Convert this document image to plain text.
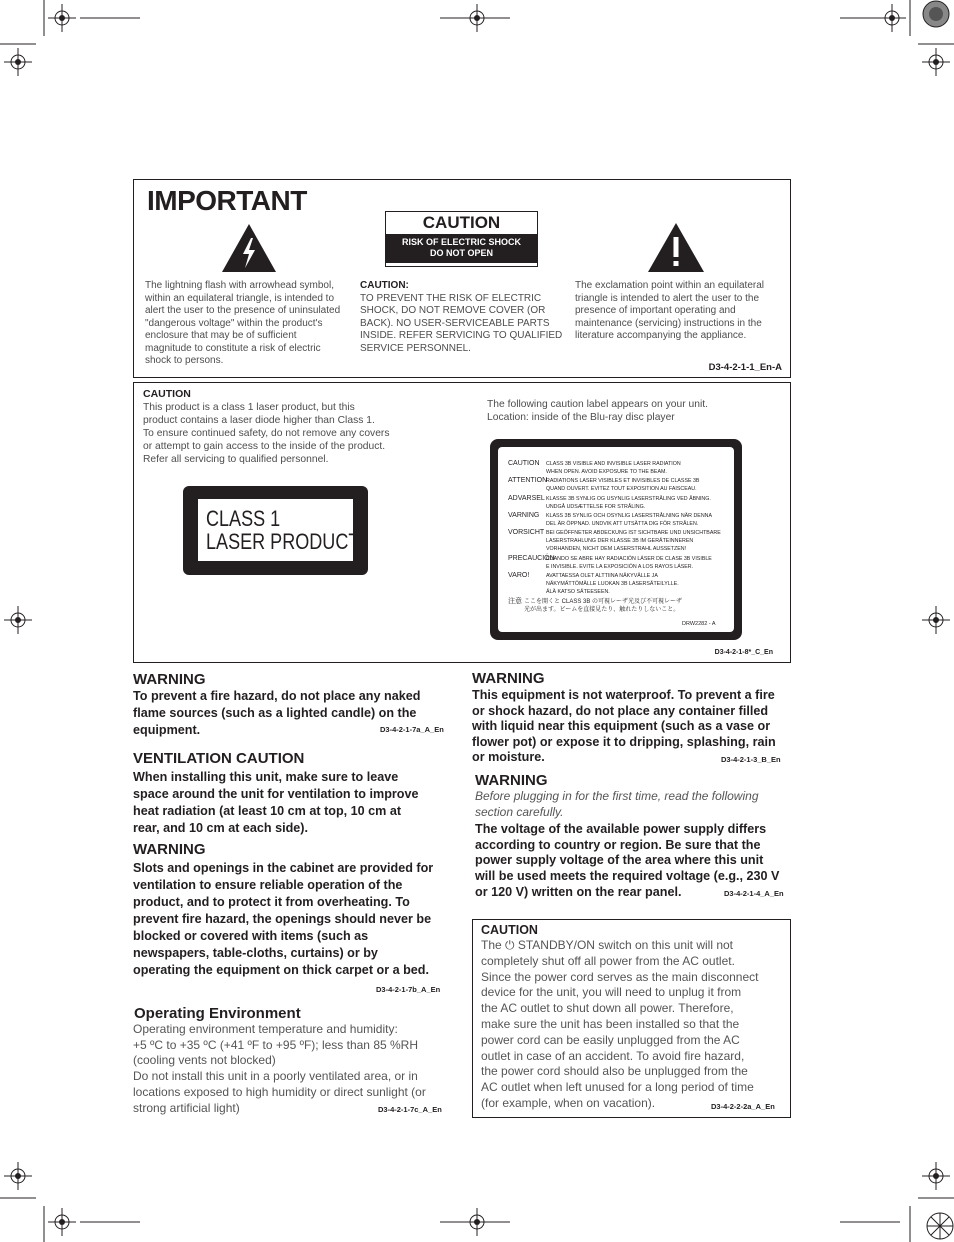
IMPORTANT
CAUTION
RISK OF ELECTRIC SHOCK
DO NOT OPEN
The lightning flash with arrowhead symbol,
within an equilateral triangle, is intended to
alert the user to the presence of uninsulated
"dangerous voltage" within the product's
enclosure that may be of sufficient
magnitude to constitute a risk of electric
shock to persons.
CAUTION:
TO PREVENT THE RISK OF ELECTRIC
SHOCK, DO NOT REMOVE COVER (OR
BACK). NO USER-SERVICEABLE PARTS
INSIDE. REFER SERVICING TO QUALIFIED
SERVICE PERSONNEL.
The exclamation point within an equilateral
triangle is intended to alert the user to the
presence of important operating and
maintenance (servicing) instructions in the
literature accompanying the appliance.
D3-4-2-1-1_En-A
CAUTION
This product is a class 1 laser product, but this
product contains a laser diode higher than Class 1.
To ensure continued safety, do not remove any covers
or attempt to gain access to the inside of the product.
Refer all servicing to qualified personnel.
The following caution label appears on your unit.
Location: inside of the Blu-ray disc player
D3-4-2-1-8*_C_En
CLASS 1
LASER PRODUCT
CAUTION CLASS 3B VISIBLE AND INVISIBLE LASER RADIATION
WHEN OPEN. AVOID EXPOSURE TO THE BEAM.
ATTENTION
RADIATIONS LASER VISIBLES ET INVISIBLES DE CLASSE 3B
QUAND OUVERT. EVITEZ TOUT EXPOSITION AU FAISCEAU.
ADVARSEL KLASSE 3B SYNLIG OG USYNLIG LASERSTRÅLING VED ÅBNING.
UNDGÅ UDSÆTTELSE FOR STRÅLING.
VARNING KLASS 3B SYNLIG OCH OSYNLIG LASERSTRÅLNING NÄR DENNA
DEL ÄR ÖPPNAD. UNDVIK ATT UTSÄTTA DIG FÖR STRÅLEN.
VORSICHT BEI GEÖFFNETER ABDECKUNG IST SICHTBARE UND UNSICHTBARE
LASERSTRAHLUNG DER KLASSE 3B IM GERÄTEINNEREN
VORHANDEN, NICHT DEM LASERSTRAHL AUSSETZEN!
PRECAUCIÓN
CUANDO SE ABRE HAY RADIACIÓN LÁSER DE CLASE 3B VISIBLE
E INVISIBLE. EVITE LA EXPOSICIÓN A LOS RAYOS LÁSER.
VARO!	AVATTAESSA OLET ALTTIINA NÄKYVÄLLE JA
NÄKYMÄTTÖMÄLLE LUOKAN 3B LASERSÄTEILYLLE.
ÄLÄ KATSO SÄTEESEEN.
注意 ここを開くと CLASS 3B の可視レーザ光及び不可視レーザ
光が出ます。ビームを直接見たり、触れたりしないこと。
DRW2282 - A
WARNING
To prevent a fire hazard, do not place any naked
flame sources (such as a lighted candle) on the
equipment.	D3-4-2-1-7a_A_En
VENTILATION CAUTION
When installing this unit, make sure to leave
space around the unit for ventilation to improve
heat radiation (at least 10 cm at top, 10 cm at
rear, and 10 cm at each side).
WARNING
Slots and openings in the cabinet are provided for
ventilation to ensure reliable operation of the
product, and to protect it from overheating. To
prevent fire hazard, the openings should never be
blocked or covered with items (such as
newspapers, table-cloths, curtains) or by
operating the equipment on thick carpet or a bed.
D3-4-2-1-7b_A_En
Operating Environment
Operating environment temperature and humidity:
+5 ºC to +35 ºC (+41 ºF to +95 ºF); less than 85 %RH
(cooling vents not blocked)
Do not install this unit in a poorly ventilated area, or in
locations exposed to high humidity or direct sunlight (or
strong artificial light)	D3-4-2-1-7c_A_En
WARNING
This equipment is not waterproof. To prevent a fire
or shock hazard, do not place any container filled
with liquid near this equipment (such as a vase or
flower pot) or expose it to dripping, splashing, rain
or moisture.	D3-4-2-1-3_B_En
WARNING
Before plugging in for the first time, read the following
section carefully.
The voltage of the available power supply differs
according to country or region. Be sure that the
power supply voltage of the area where this unit
will be used meets the required voltage (e.g., 230 V
or 120 V) written on the rear panel.	D3-4-2-1-4_A_En
CAUTION
The ⏻ STANDBY/ON switch on this unit will not
completely shut off all power from the AC outlet.
Since the power cord serves as the main disconnect
device for the unit, you will need to unplug it from
the AC outlet to shut down all power. Therefore,
make sure the unit has been installed so that the
power cord can be easily unplugged from the AC
outlet in case of an accident. To avoid fire hazard,
the power cord should also be unplugged from the
AC outlet when left unused for a long period of time
(for example, when on vacation).	D3-4-2-2-2a_A_En
